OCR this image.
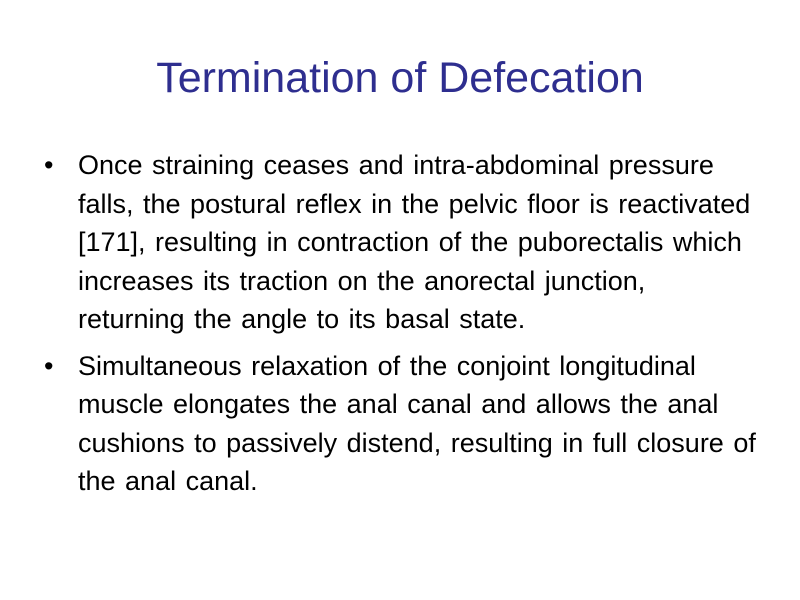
Termination of Defecation
• Once straining ceases and intra-abdominal pressure falls, the postural reflex in the pelvic floor is reactivated [171], resulting in contraction of the puborectalis which increases its traction on the anorectal junction, returning the angle to its basal state.
• Simultaneous relaxation of the conjoint longitudinal muscle elongates the anal canal and allows the anal cushions to passively distend, resulting in full closure of the anal canal.
